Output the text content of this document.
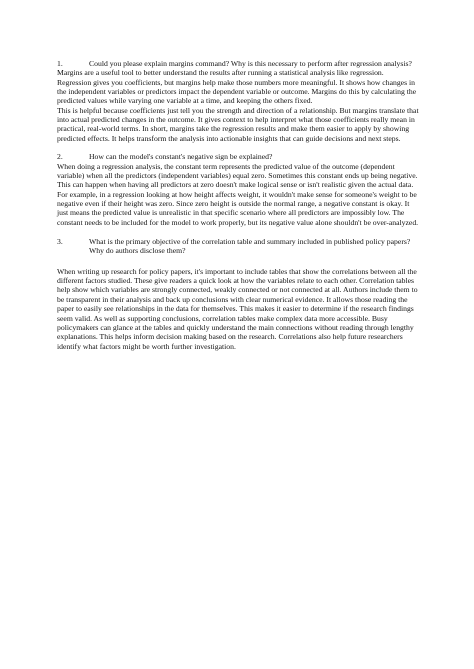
1.	Could you please explain margins command? Why is this necessary to perform after regression analysis?

Margins are a useful tool to better understand the results after running a statistical analysis like regression. Regression gives you coefficients, but margins help make those numbers more meaningful. It shows how changes in the independent variables or predictors impact the dependent variable or outcome. Margins do this by calculating the predicted values while varying one variable at a time, and keeping the others fixed.

This is helpful because coefficients just tell you the strength and direction of a relationship. But margins translate that into actual predicted changes in the outcome. It gives context to help interpret what those coefficients really mean in practical, real-world terms. In short, margins take the regression results and make them easier to apply by showing predicted effects. It helps transform the analysis into actionable insights that can guide decisions and next steps.

2.	How can the model's constant's negative sign be explained?

When doing a regression analysis, the constant term represents the predicted value of the outcome (dependent variable) when all the predictors (independent variables) equal zero. Sometimes this constant ends up being negative. This can happen when having all predictors at zero doesn't make logical sense or isn't realistic given the actual data. For example, in a regression looking at how height affects weight, it wouldn't make sense for someone's weight to be negative even if their height was zero. Since zero height is outside the normal range, a negative constant is okay. It just means the predicted value is unrealistic in that specific scenario where all predictors are impossibly low. The constant needs to be included for the model to work properly, but its negative value alone shouldn't be over-analyzed.

3.	What is the primary objective of the correlation table and summary included in published policy papers? Why do authors disclose them?

When writing up research for policy papers, it's important to include tables that show the correlations between all the different factors studied. These give readers a quick look at how the variables relate to each other. Correlation tables help show which variables are strongly connected, weakly connected or not connected at all. Authors include them to be transparent in their analysis and back up conclusions with clear numerical evidence. It allows those reading the paper to easily see relationships in the data for themselves. This makes it easier to determine if the research findings seem valid. As well as supporting conclusions, correlation tables make complex data more accessible. Busy policymakers can glance at the tables and quickly understand the main connections without reading through lengthy explanations. This helps inform decision making based on the research. Correlations also help future researchers identify what factors might be worth further investigation.
